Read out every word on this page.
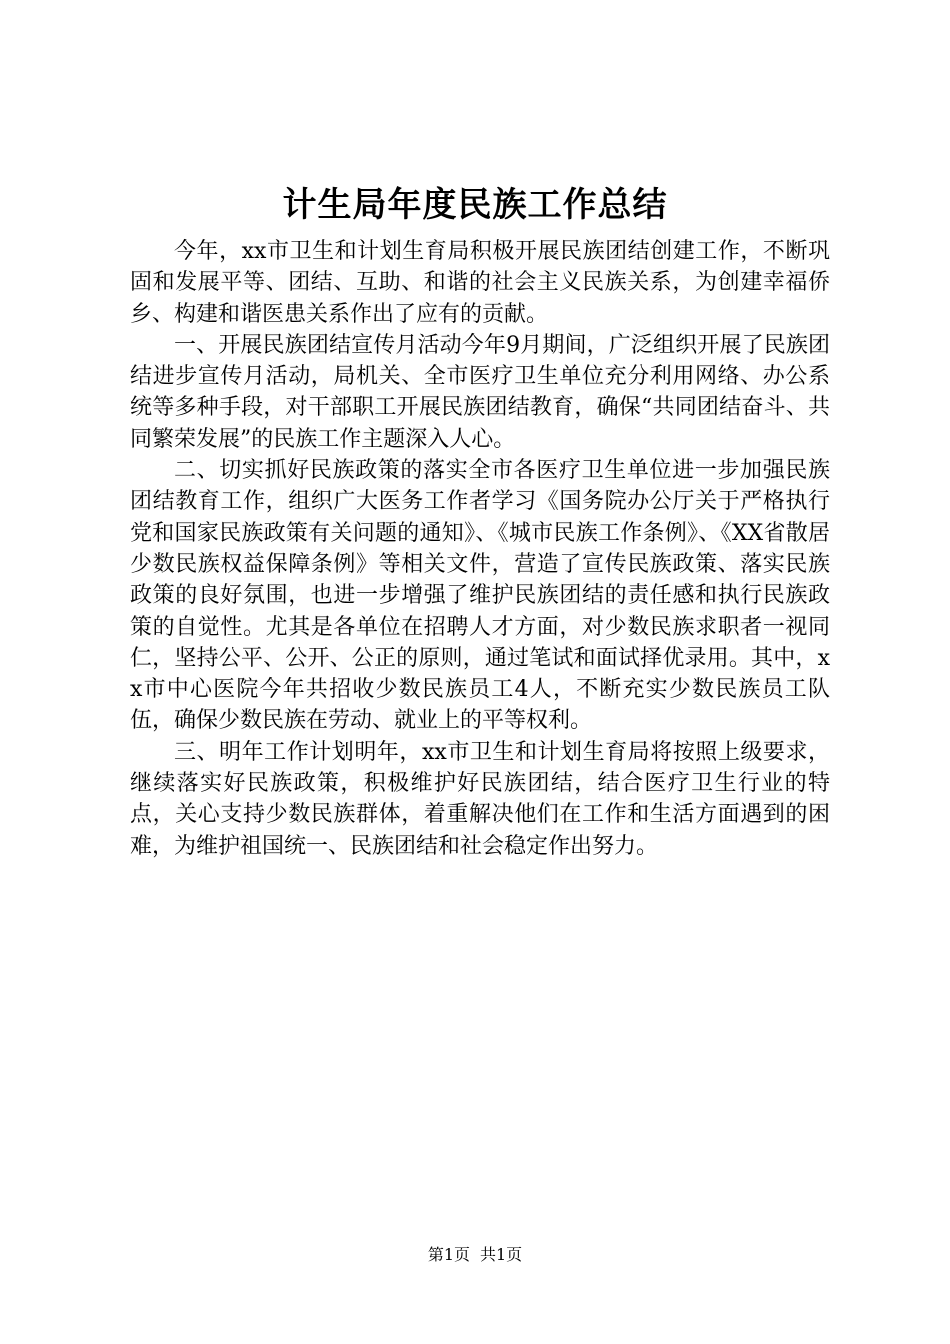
计生局年度民族工作总结

今年，xx市卫生和计划生育局积极开展民族团结创建工作，不断巩固和发展平等、团结、互助、和谐的社会主义民族关系，为创建幸福侨乡、构建和谐医患关系作出了应有的贡献。

一、开展民族团结宣传月活动今年9月期间，广泛组织开展了民族团结进步宣传月活动，局机关、全市医疗卫生单位充分利用网络、办公系统等多种手段，对干部职工开展民族团结教育，确保“共同团结奋斗、共同繁荣发展”的民族工作主题深入人心。

二、切实抓好民族政策的落实全市各医疗卫生单位进一步加强民族团结教育工作，组织广大医务工作者学习《国务院办公厅关于严格执行党和国家民族政策有关问题的通知》、《城市民族工作条例》、《XX省散居少数民族权益保障条例》等相关文件，营造了宣传民族政策、落实民族政策的良好氛围，也进一步增强了维护民族团结的责任感和执行民族政策的自觉性。尤其是各单位在招聘人才方面，对少数民族求职者一视同仁，坚持公平、公开、公正的原则，通过笔试和面试择优录用。其中，xx市中心医院今年共招收少数民族员工4人，不断充实少数民族员工队伍，确保少数民族在劳动、就业上的平等权利。

三、明年工作计划明年，xx市卫生和计划生育局将按照上级要求，继续落实好民族政策，积极维护好民族团结，结合医疗卫生行业的特点，关心支持少数民族群体，着重解决他们在工作和生活方面遇到的困难，为维护祖国统一、民族团结和社会稳定作出努力。

第1页 共1页
